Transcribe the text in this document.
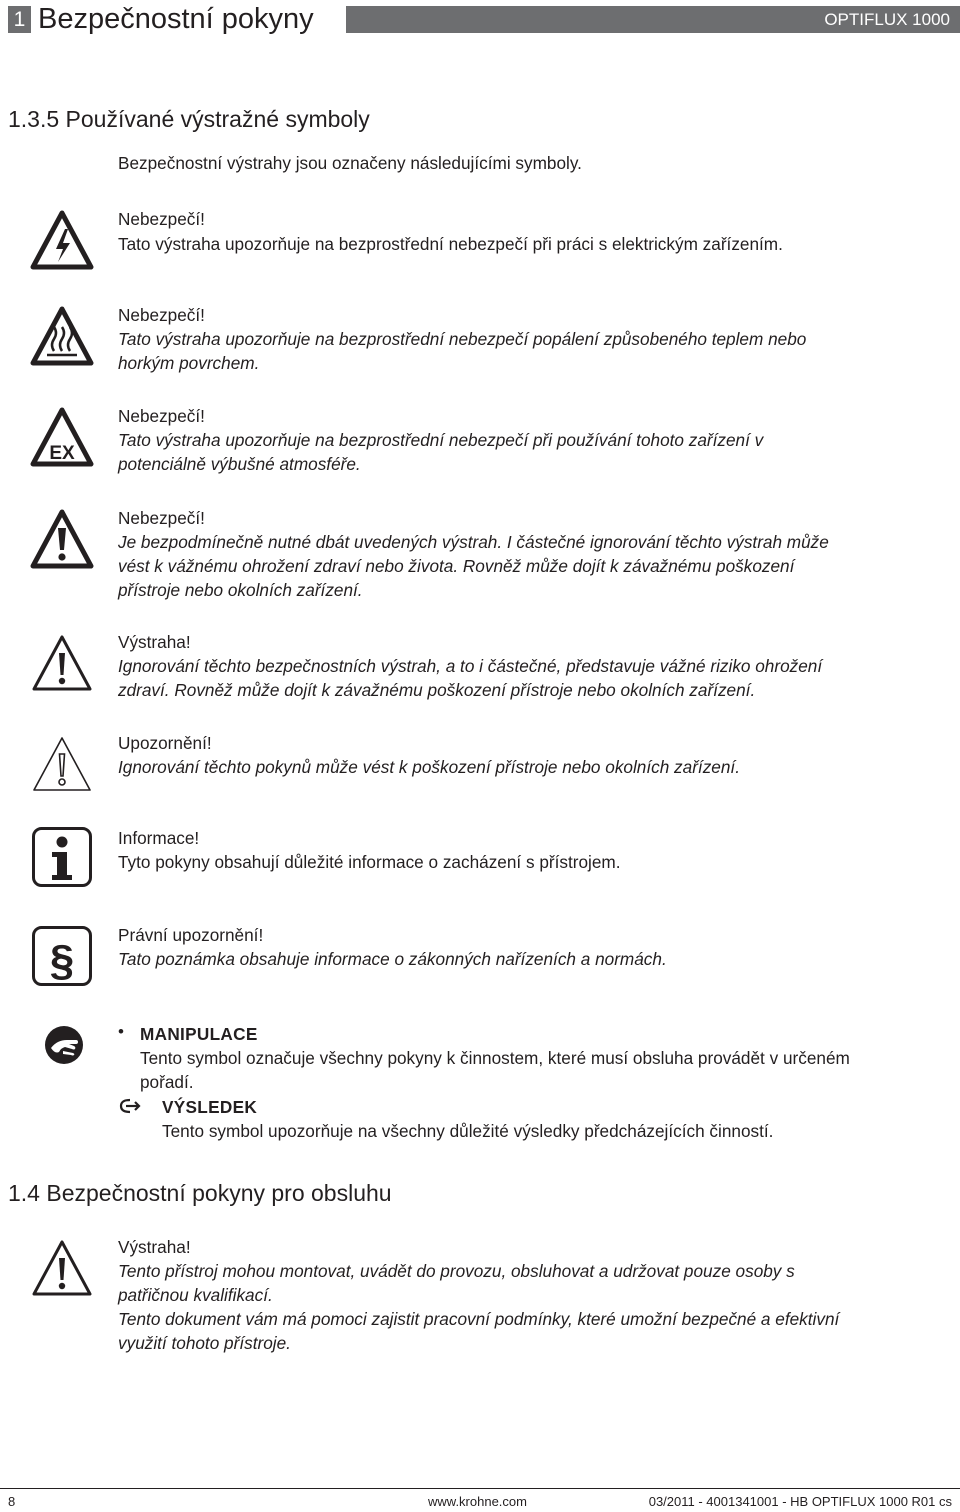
1 Bezpečnostní pokyny	OPTIFLUX 1000
1.3.5 Používané výstražné symboly
Bezpečnostní výstrahy jsou označeny následujícími symboly.
Nebezpečí!
Tato výstraha upozorňuje na bezprostřední nebezpečí při práci s elektrickým zařízením.
Nebezpečí!
Tato výstraha upozorňuje na bezprostřední nebezpečí popálení způsobeného teplem nebo
horkým povrchem.
EX
Nebezpečí!
Tato výstraha upozorňuje na bezprostřední nebezpečí při používání tohoto zařízení v
potenciálně výbušné atmosféře.
Nebezpečí!
Je bezpodmínečně nutné dbát uvedených výstrah. I částečné ignorování těchto výstrah může
vést k vážnému ohrožení zdraví nebo života. Rovněž může dojít k závažnému poškození
přístroje nebo okolních zařízení.
Výstraha!
Ignorování těchto bezpečnostních výstrah, a to i částečné, představuje vážné riziko ohrožení
zdraví. Rovněž může dojít k závažnému poškození přístroje nebo okolních zařízení.
Upozornění!
Ignorování těchto pokynů může vést k poškození přístroje nebo okolních zařízení.
Informace!
Tyto pokyny obsahují důležité informace o zacházení s přístrojem.
§
Právní upozornění!
Tato poznámka obsahuje informace o zákonných nařízeních a normách.
• MANIPULACE
Tento symbol označuje všechny pokyny k činnostem, které musí obsluha provádět v určeném
pořadí.
VÝSLEDEK
Tento symbol upozorňuje na všechny důležité výsledky předcházejících činností.
1.4 Bezpečnostní pokyny pro obsluhu
Výstraha!
Tento přístroj mohou montovat, uvádět do provozu, obsluhovat a udržovat pouze osoby s
patřičnou kvalifikací.
Tento dokument vám má pomoci zajistit pracovní podmínky, které umožní bezpečné a efektivní
využití tohoto přístroje.
8	www.krohne.com	03/2011 - 4001341001 - HB OPTIFLUX 1000 R01 cs
